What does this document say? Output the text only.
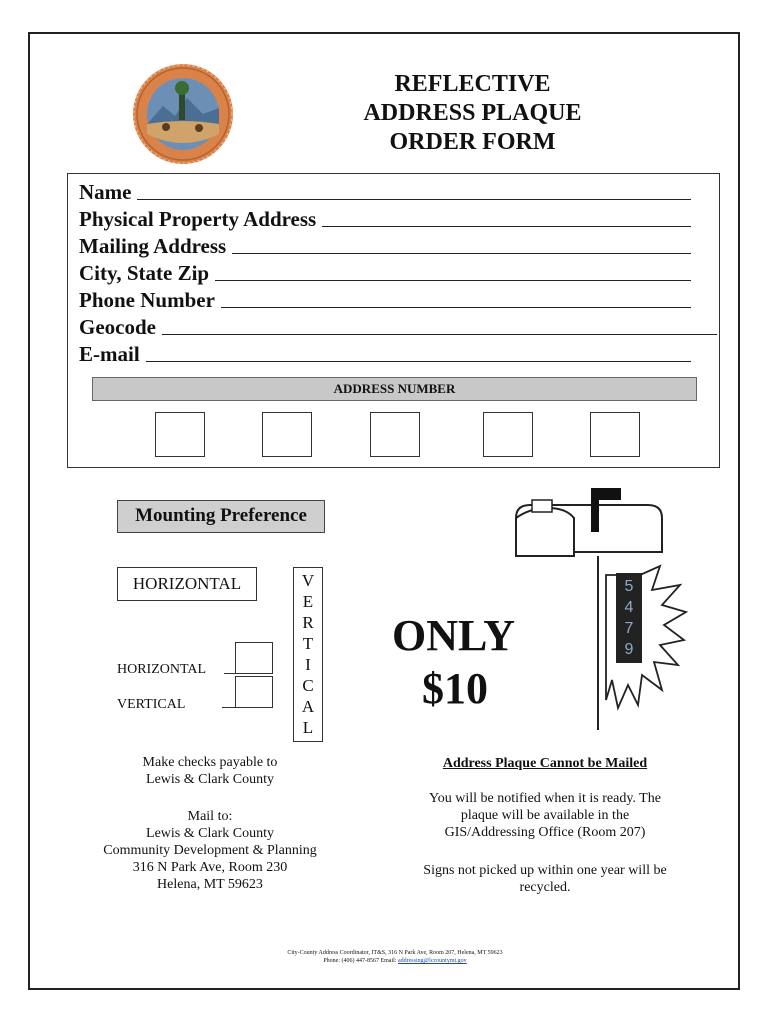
REFLECTIVE
ADDRESS PLAQUE
ORDER FORM
Name
Physical Property Address
Mailing Address
City, State Zip
Phone Number
Geocode
E-mail
ADDRESS NUMBER
Mounting Preference
HORIZONTAL	V
E
R
T
I
C
A
L
HORIZONTAL
VERTICAL
ONLY
$10
5
4
7
9
Make checks payable to
Lewis & Clark County
Mail to:
Lewis & Clark County
Community Development & Planning
316 N Park Ave, Room 230
Helena, MT 59623
Address Plaque Cannot be Mailed
You will be notified when it is ready. The
plaque will be available in the
GIS/Addressing Office (Room 207)
Signs not picked up within one year will be
recycled.
City-County Address Coordinator, IT&S, 316 N Park Ave, Room 207, Helena, MT 59623
Phone: (406) 447-8567 Email: addressing@lccountymt.gov
